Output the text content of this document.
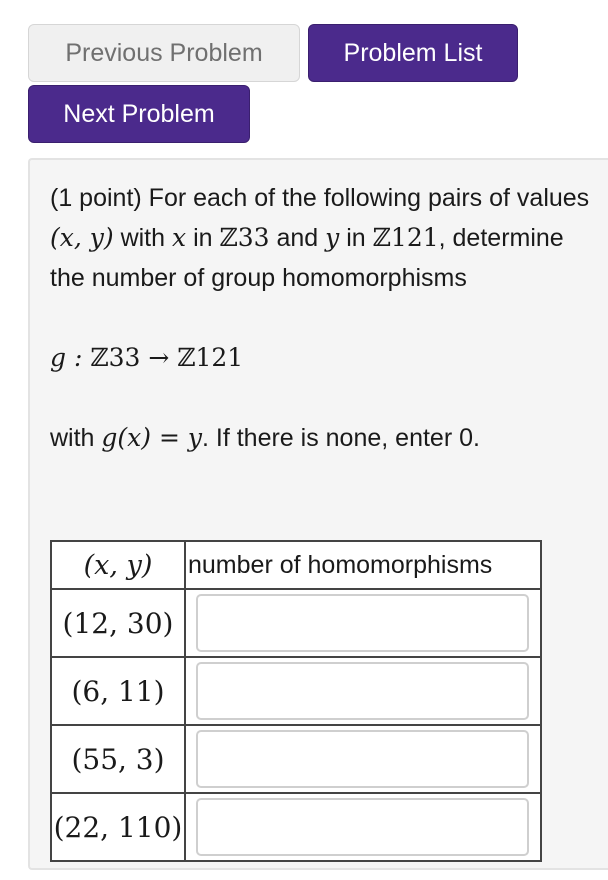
Previous Problem	Problem List
Next Problem
(1 point) For each of the following pairs of values (x, y) with x in ℤ33 and y in ℤ121, determine the number of group homomorphisms
g : ℤ33 → ℤ121
with g(x) = y. If there is none, enter 0.
(x, y)	number of homomorphisms
(12, 30)	
(6, 11)	
(55, 3)	
(22, 110)	
